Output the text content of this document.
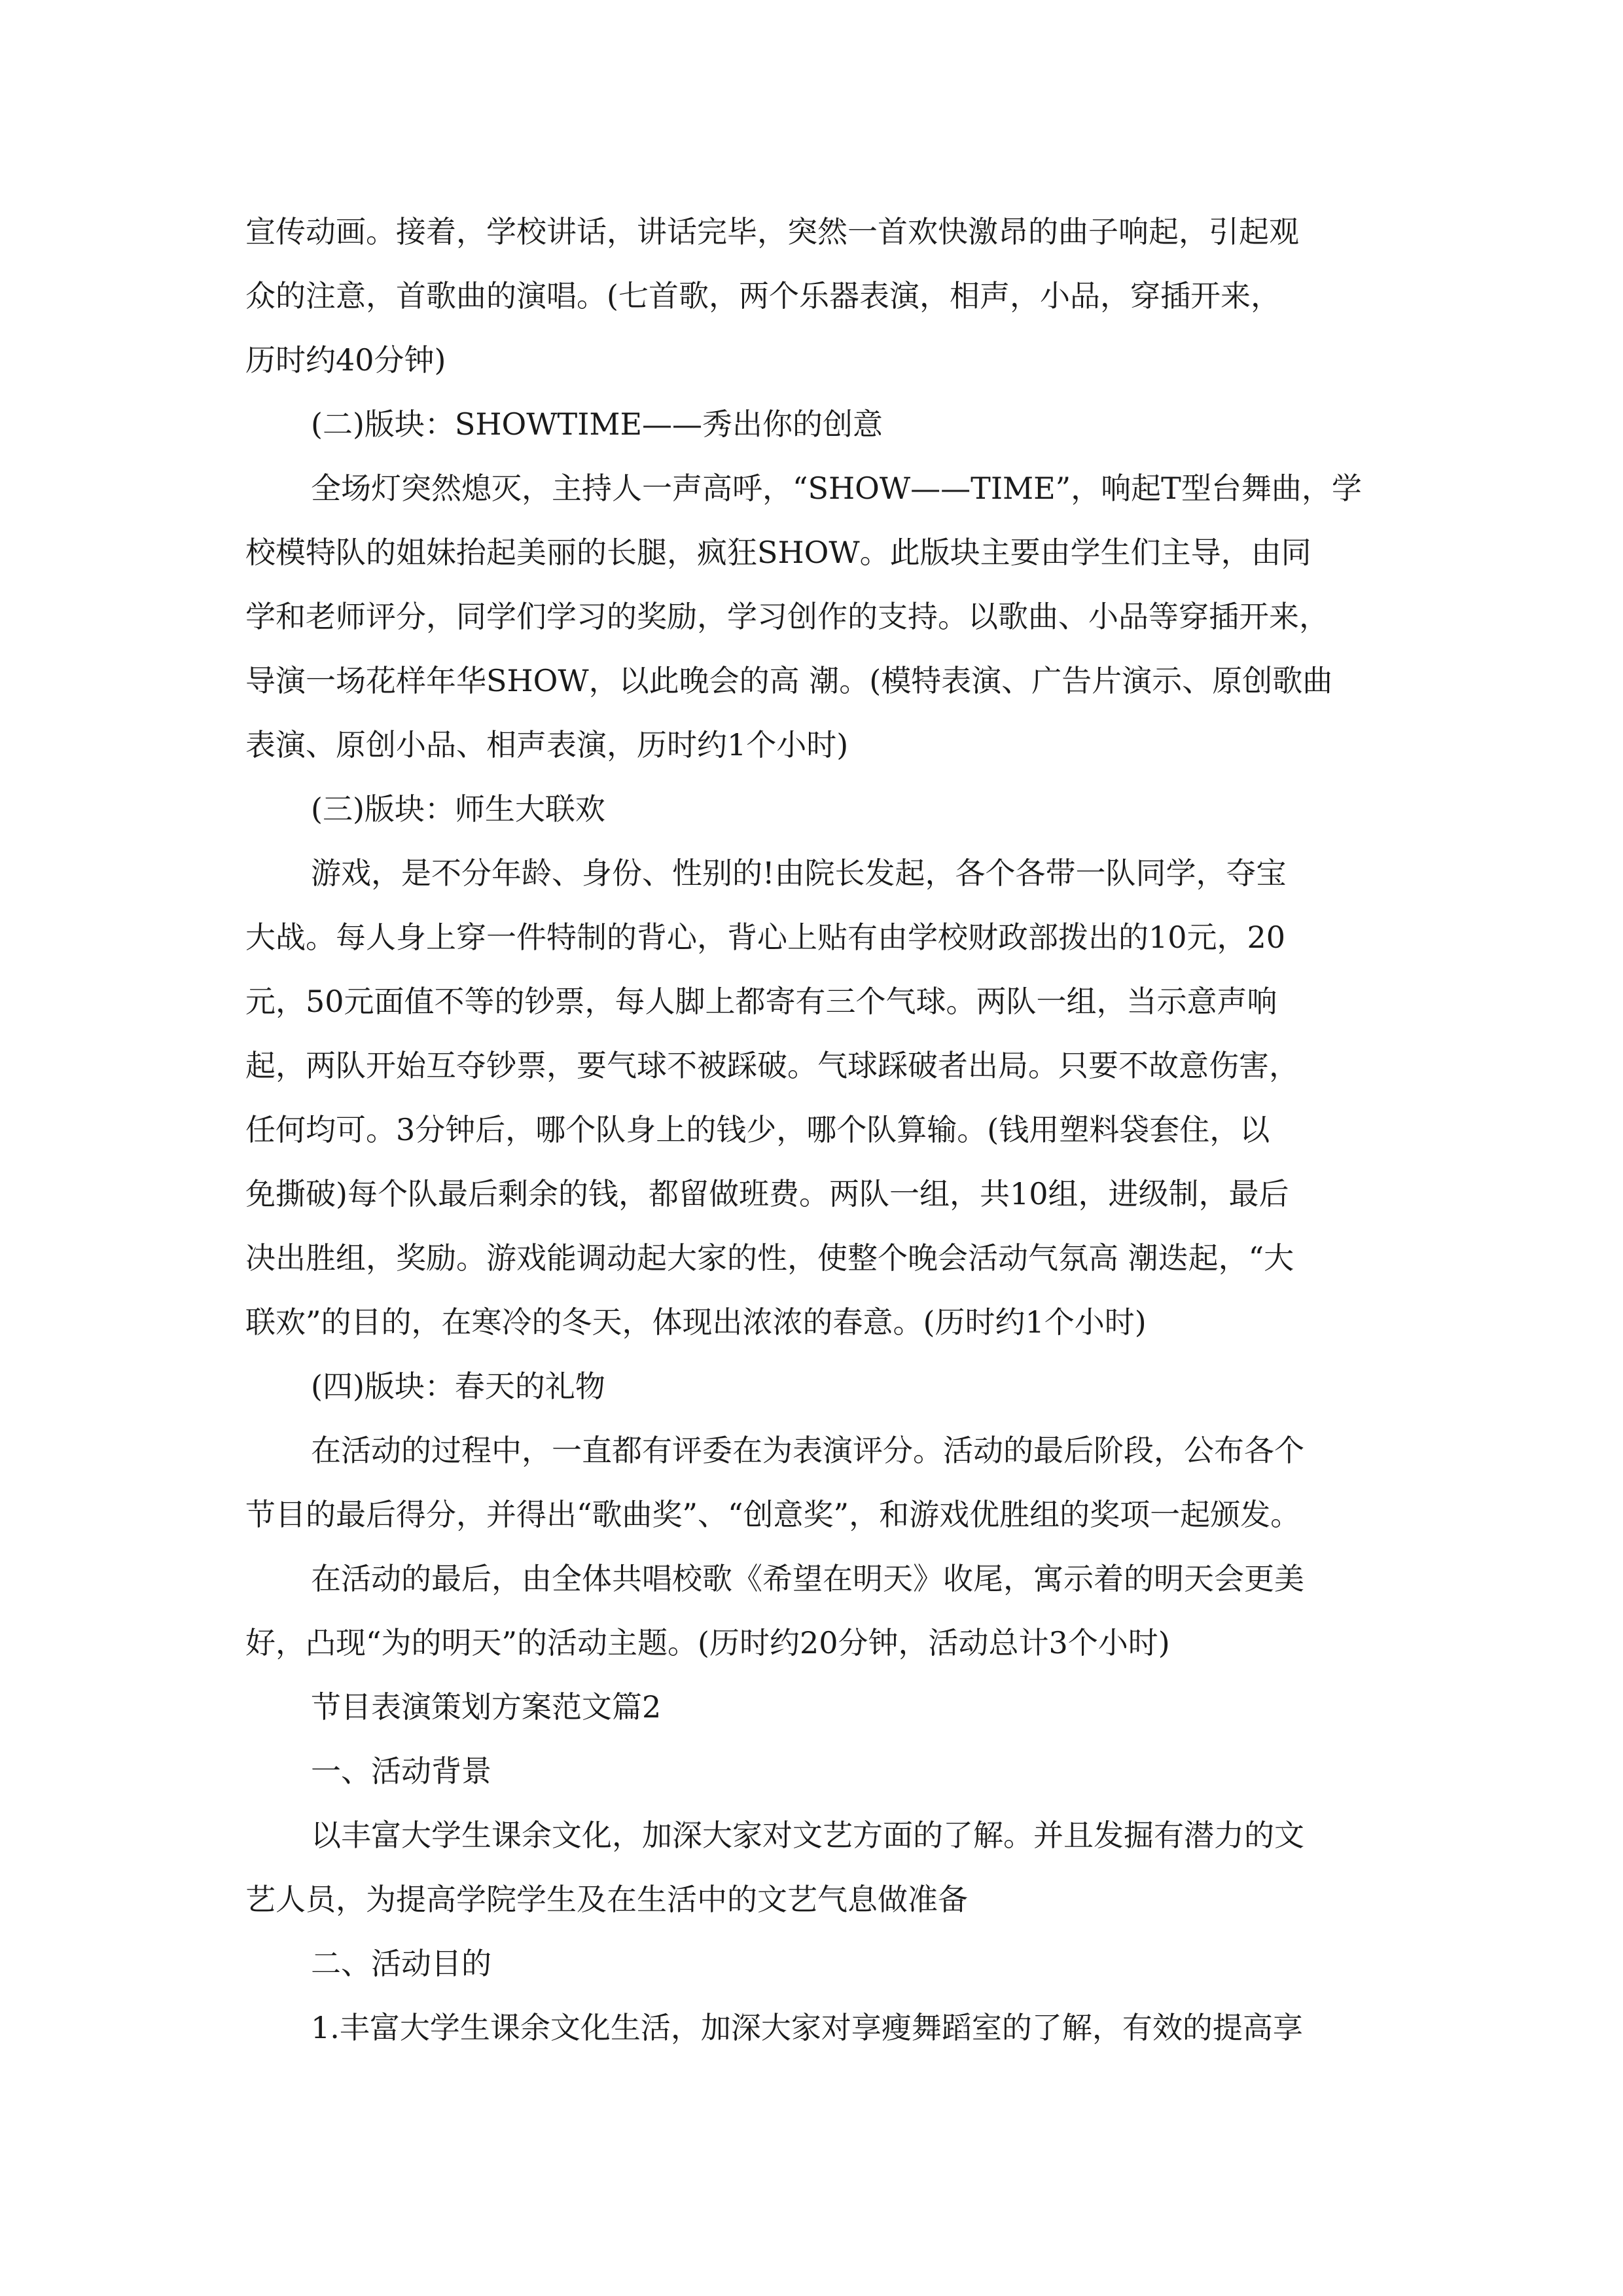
宣传动画。接着，学校讲话，讲话完毕，突然一首欢快激昂的曲子响起，引起观
众的注意，首歌曲的演唱。(七首歌，两个乐器表演，相声，小品，穿插开来，
历时约40分钟)
(二)版块：SHOWTIME——秀出你的创意
全场灯突然熄灭，主持人一声高呼，“SHOW——TIME”，响起T型台舞曲，学
校模特队的姐妹抬起美丽的长腿，疯狂SHOW。此版块主要由学生们主导，由同
学和老师评分，同学们学习的奖励，学习创作的支持。以歌曲、小品等穿插开来，
导演一场花样年华SHOW，以此晚会的高 潮。(模特表演、广告片演示、原创歌曲
表演、原创小品、相声表演，历时约1个小时)
(三)版块：师生大联欢
游戏，是不分年龄、身份、性别的!由院长发起，各个各带一队同学，夺宝
大战。每人身上穿一件特制的背心，背心上贴有由学校财政部拨出的10元，20
元，50元面值不等的钞票，每人脚上都寄有三个气球。两队一组，当示意声响
起，两队开始互夺钞票，要气球不被踩破。气球踩破者出局。只要不故意伤害，
任何均可。3分钟后，哪个队身上的钱少，哪个队算输。(钱用塑料袋套住，以
免撕破)每个队最后剩余的钱，都留做班费。两队一组，共10组，进级制，最后
决出胜组，奖励。游戏能调动起大家的性，使整个晚会活动气氛高 潮迭起，“大
联欢”的目的，在寒冷的冬天，体现出浓浓的春意。(历时约1个小时)
(四)版块：春天的礼物
在活动的过程中，一直都有评委在为表演评分。活动的最后阶段，公布各个
节目的最后得分，并得出“歌曲奖”、“创意奖”，和游戏优胜组的奖项一起颁发。
在活动的最后，由全体共唱校歌《希望在明天》收尾，寓示着的明天会更美
好，凸现“为的明天”的活动主题。(历时约20分钟，活动总计3个小时)
节目表演策划方案范文篇2
一、活动背景
以丰富大学生课余文化，加深大家对文艺方面的了解。并且发掘有潜力的文
艺人员，为提高学院学生及在生活中的文艺气息做准备
二、活动目的
1.丰富大学生课余文化生活，加深大家对享瘦舞蹈室的了解，有效的提高享
